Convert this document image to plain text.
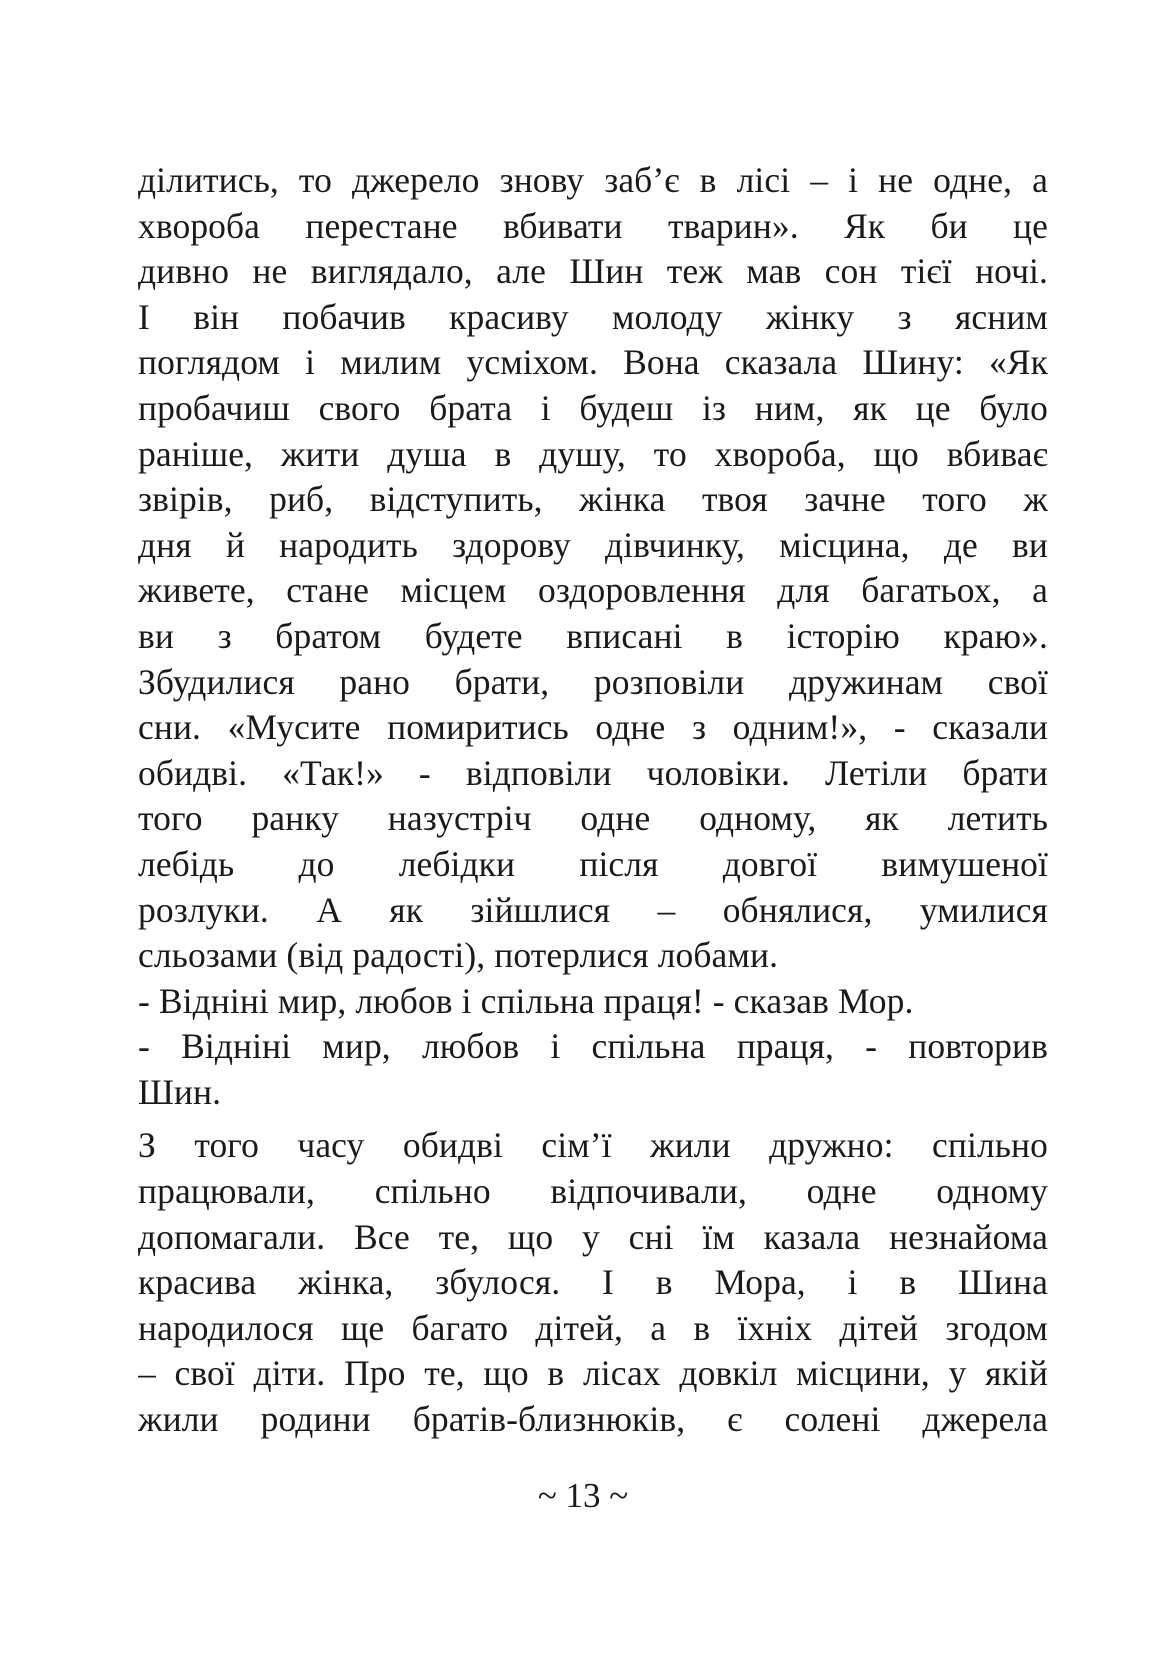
ділитись, то джерело знову заб’є в лісі – і не одне, а
хвороба перестане вбивати тварин». Як би це
дивно не виглядало, але Шин теж мав сон тієї ночі.
І він побачив красиву молоду жінку з ясним
поглядом і милим усміхом. Вона сказала Шину: «Як
пробачиш свого брата і будеш із ним, як це було
раніше, жити душа в душу, то хвороба, що вбиває
звірів, риб, відступить, жінка твоя зачне того ж
дня й народить здорову дівчинку, місцина, де ви
живете, стане місцем оздоровлення для багатьох, а
ви з братом будете вписані в історію краю».
Збудилися рано брати, розповіли дружинам свої
сни. «Мусите помиритись одне з одним!», - сказали
обидві. «Так!» - відповіли чоловіки. Летіли брати
того ранку назустріч одне одному, як летить
лебідь до лебідки після довгої вимушеної
розлуки. А як зійшлися – обнялися, умилися
сльозами (від радості), потерлися лобами.
- Відніні мир, любов і спільна праця! - сказав Мор.
- Відніні мир, любов і спільна праця, - повторив
Шин.
З того часу обидві сім’ї жили дружно: спільно
працювали, спільно відпочивали, одне одному
допомагали. Все те, що у сні їм казала незнайома
красива жінка, збулося. І в Мора, і в Шина
народилося ще багато дітей, а в їхніх дітей згодом
– свої діти. Про те, що в лісах довкіл місцини, у якій
жили родини братів-близнюків, є солені джерела
~ 13 ~
